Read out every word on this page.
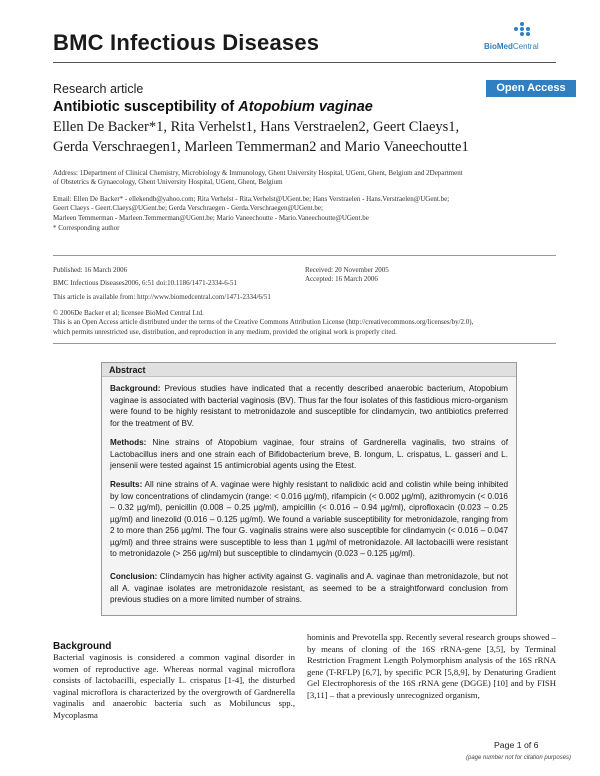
BMC Infectious Diseases	BioMedCentral
Research article	Open Access
Antibiotic susceptibility of Atopobium vaginae
Ellen De Backer*1, Rita Verhelst1, Hans Verstraelen2, Geert Claeys1,
Gerda Verschraegen1, Marleen Temmerman2 and Mario Vaneechoutte1
Address: 1Department of Clinical Chemistry, Microbiology & Immunology, Ghent University Hospital, UGent, Ghent, Belgium and 2Department
of Obstetrics & Gynaecology, Ghent University Hospital, UGent, Ghent, Belgium
Email: Ellen De Backer* - ellekendb@yahoo.com; Rita Verhelst - Rita.Verhelst@UGent.be; Hans Verstraelen - Hans.Verstraelen@UGent.be;
Geert Claeys - Geert.Claeys@UGent.be; Gerda Verschraegen - Gerda.Verschraegen@UGent.be;
Marleen Temmerman - Marleen.Temmerman@UGent.be; Mario Vaneechoutte - Mario.Vaneechoutte@UGent.be
* Corresponding author
Published: 16 March 2006
BMC Infectious Diseases2006, 6:51 doi:10.1186/1471-2334-6-51
Received: 20 November 2005
Accepted: 16 March 2006
This article is available from: http://www.biomedcentral.com/1471-2334/6/51
© 2006De Backer et al; licensee BioMed Central Ltd.
This is an Open Access article distributed under the terms of the Creative Commons Attribution License (http://creativecommons.org/licenses/by/2.0),
which permits unrestricted use, distribution, and reproduction in any medium, provided the original work is properly cited.
Abstract
Background: Previous studies have indicated that a recently described anaerobic bacterium, Atopobium vaginae is associated with bacterial vaginosis (BV). Thus far the four isolates of this fastidious micro-organism were found to be highly resistant to metronidazole and susceptible for clindamycin, two antibiotics preferred for the treatment of BV.
Methods: Nine strains of Atopobium vaginae, four strains of Gardnerella vaginalis, two strains of Lactobacillus iners and one strain each of Bifidobacterium breve, B. longum, L. crispatus, L. gasseri and L. jensenii were tested against 15 antimicrobial agents using the Etest.
Results: All nine strains of A. vaginae were highly resistant to nalidixic acid and colistin while being inhibited by low concentrations of clindamycin (range: < 0.016 µg/ml), rifampicin (< 0.002 µg/ml), azithromycin (< 0.016 – 0.32 µg/ml), penicillin (0.008 – 0.25 µg/ml), ampicillin (< 0.016 – 0.94 µg/ml), ciprofloxacin (0.023 – 0.25 µg/ml) and linezolid (0.016 – 0.125 µg/ml). We found a variable susceptibility for metronidazole, ranging from 2 to more than 256 µg/ml. The four G. vaginalis strains were also susceptible for clindamycin (< 0.016 – 0.047 µg/ml) and three strains were susceptible to less than 1 µg/ml of metronidazole. All lactobacilli were resistant to metronidazole (> 256 µg/ml) but susceptible to clindamycin (0.023 – 0.125 µg/ml).
Conclusion: Clindamycin has higher activity against G. vaginalis and A. vaginae than metronidazole, but not all A. vaginae isolates are metronidazole resistant, as seemed to be a straightforward conclusion from previous studies on a more limited number of strains.
Background
Bacterial vaginosis is considered a common vaginal disorder in women of reproductive age. Whereas normal vaginal microflora consists of lactobacilli, especially L. crispatus [1-4], the disturbed vaginal microflora is characterized by the overgrowth of Gardnerella vaginalis and anaerobic bacteria such as Mobiluncus spp., Mycoplasma
hominis and Prevotella spp. Recently several research groups showed – by means of cloning of the 16S rRNA-gene [3,5], by Terminal Restriction Fragment Length Polymorphism analysis of the 16S rRNA gene (T-RFLP) [6,7], by specific PCR [5,8,9], by Denaturing Gradient Gel Electrophoresis of the 16S rRNA gene (DGGE) [10] and by FISH [3,11] – that a previously unrecognized organism,
Page 1 of 6
(page number not for citation purposes)
